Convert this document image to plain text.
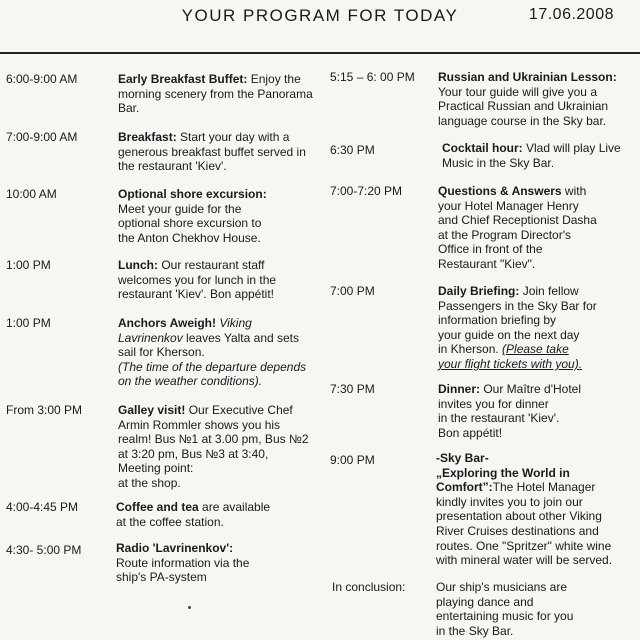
YOUR PROGRAM FOR TODAY	17.06.2008
6:00-9:00 AM	Early Breakfast Buffet: Enjoy the
morning scenery from the Panorama
Bar.
7:00-9:00 AM	Breakfast: Start your day with a
generous breakfast buffet served in
the restaurant 'Kiev'.
10:00 AM	Optional shore excursion:
Meet your guide for the
optional shore excursion to
the Anton Chekhov House.
1:00 PM	Lunch: Our restaurant staff
welcomes you for lunch in the
restaurant 'Kiev'. Bon appétit!
1:00 PM	Anchors Aweigh! Viking
Lavrinenkov leaves Yalta and sets
sail for Kherson.
(The time of the departure depends
on the weather conditions).
From 3:00 PM	Galley visit! Our Executive Chef
Armin Rommler shows you his
realm! Bus №1 at 3.00 pm, Bus №2
at 3:20 pm, Bus №3 at 3:40,
Meeting point:
at the shop.
4:00-4:45 PM	Coffee and tea are available
at the coffee station.
4:30- 5:00 PM	Radio 'Lavrinenkov':
Route information via the
ship's PA-system
5:15 – 6: 00 PM Russian and Ukrainian Lesson:
Your tour guide will give you a
Practical Russian and Ukrainian
language course in the Sky bar.
6:30 PM	Cocktail hour: Vlad will play Live
Music in the Sky Bar.
7:00-7:20 PM	Questions & Answers with
your Hotel Manager Henry
and Chief Receptionist Dasha
at the Program Director's
Office in front of the
Restaurant "Kiev".
7:00 PM	Daily Briefing: Join fellow
Passengers in the Sky Bar for
information briefing by
your guide on the next day
in Kherson. (Please take
your flight tickets with you).
7:30 PM	Dinner: Our Maître d'Hotel
invites you for dinner
in the restaurant 'Kiev'.
Bon appétit!
9:00 PM	-Sky Bar-
„Exploring the World in
Comfort”:The Hotel Manager
kindly invites you to join our
presentation about other Viking
River Cruises destinations and
routes. One "Spritzer" white wine
with mineral water will be served.
In conclusion:	Our ship's musicians are
playing dance and
entertaining music for you
in the Sky Bar.
